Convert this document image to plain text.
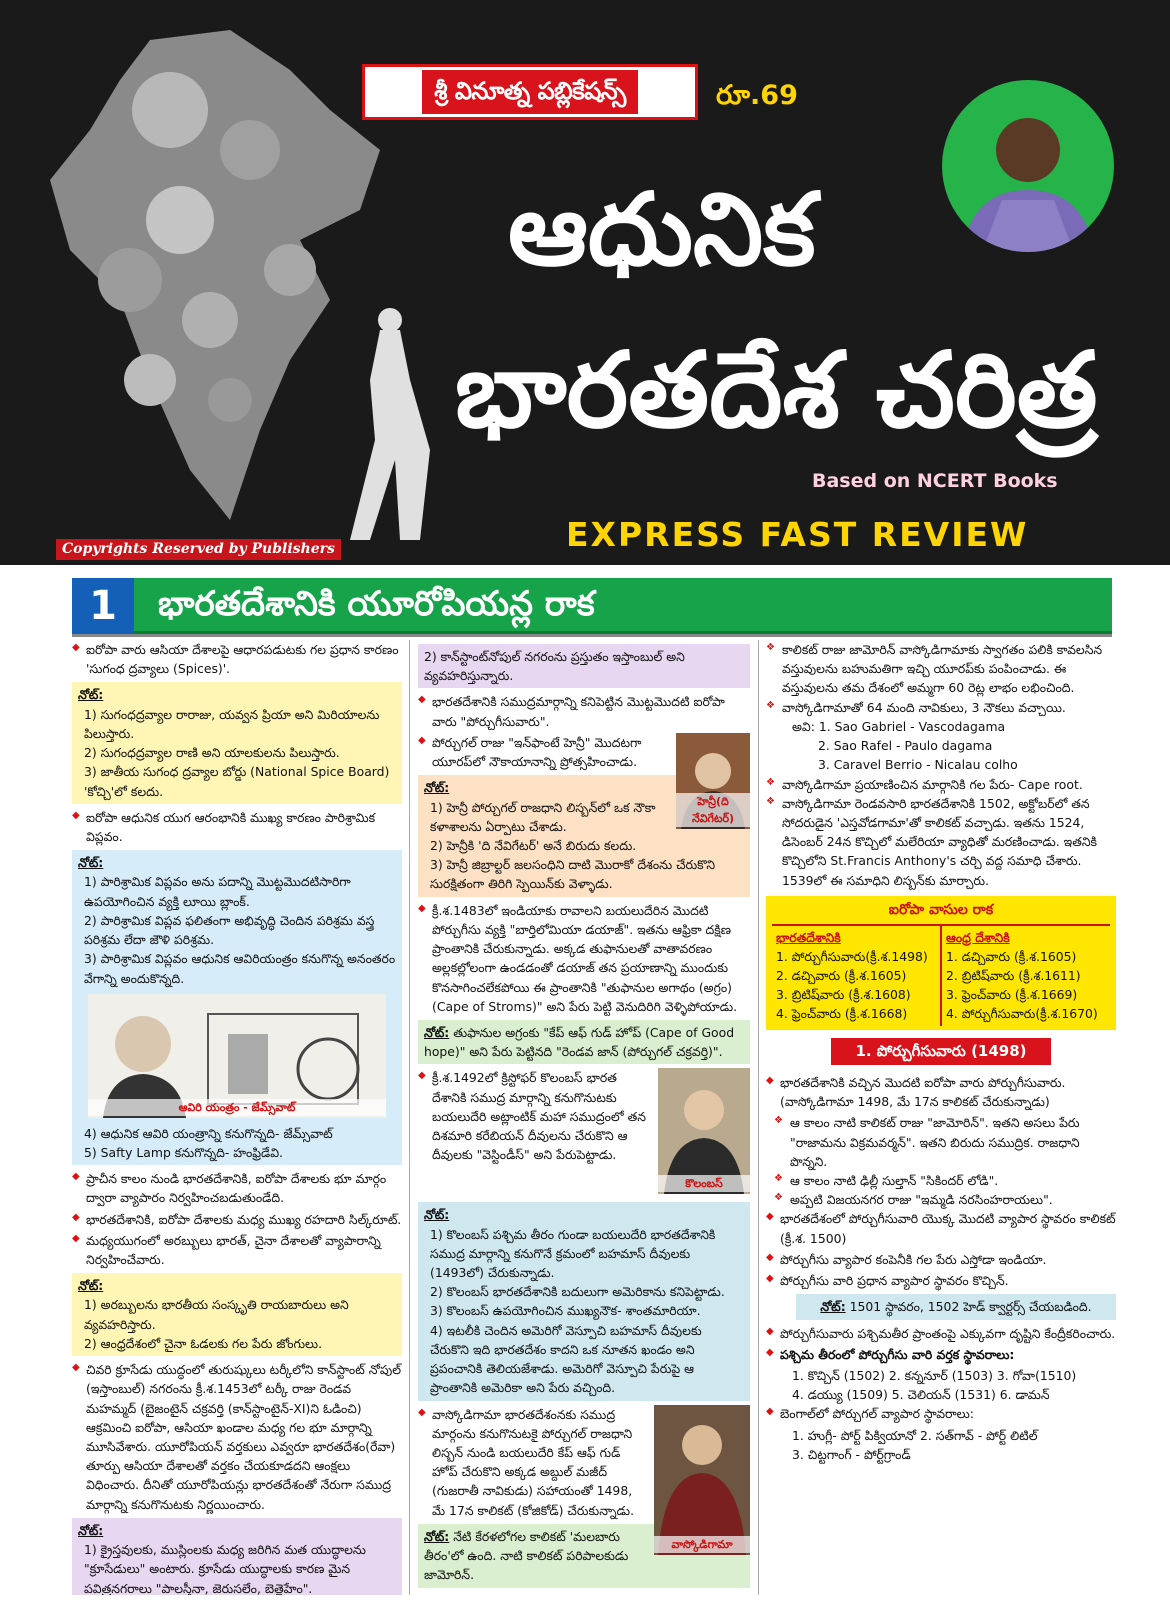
శ్రీ వినూత్న పబ్లికేషన్స్	రూ.69
ఆధునిక
భారతదేశ చరిత్ర
Based on NCERT Books
EXPRESS FAST REVIEW
Copyrights Reserved by Publishers
1	భారతదేశానికి యూరోపియన్ల రాక
◆ ఐరోపా వారు ఆసియా దేశాలపై ఆధారపడుటకు గల ప్రధాన కారణం 'సుగంధ ద్రవ్యాలు (Spices)'.
నోట్:
1) సుగంధద్రవ్యాల రారాజు, యవ్వన ప్రియా అని మిరియాలను పిలుస్తారు.
2) సుగంధద్రవ్యాల రాణి అని యాలకులను పిలుస్తారు.
3) జాతీయ సుగంధ ద్రవ్యాల బోర్డు (National Spice Board) 'కోచ్చి'లో కలదు.
◆ ఐరోపా ఆధునిక యుగ ఆరంభానికి ముఖ్య కారణం పారిశ్రామిక విప్లవం.
నోట్:
1) పారిశ్రామిక విప్లవం అను పదాన్ని మొట్టమొదటిసారిగా ఉపయోగించిన వ్యక్తి లూయి బ్లాంక్.
2) పారిశ్రామిక విప్లవ ఫలితంగా అభివృద్ధి చెందిన పరిశ్రమ వస్త్ర పరిశ్రమ లేదా జౌళి పరిశ్రమ.
3) పారిశ్రామిక విప్లవం ఆధునిక ఆవిరియంత్రం కనుగొన్న అనంతరం వేగాన్ని అందుకొన్నది.
ఆవిరి యంత్రం - జేమ్స్‌వాట్
4) ఆధునిక ఆవిరి యంత్రాన్ని కనుగొన్నది- జేమ్స్‌వాట్
5) Safty Lamp కనుగొన్నది- హంఫ్రిడేవి.
◆ ప్రాచీన కాలం నుండి భారతదేశానికి, ఐరోపా దేశాలకు భూ మార్గం ద్వారా వ్యాపారం నిర్వహించబడుతుండేది.
◆ భారతదేశానికి, ఐరోపా దేశాలకు మధ్య ముఖ్య రహదారి సిల్క్‌రూట్.
◆ మధ్యయుగంలో అరబ్బులు భారత్, చైనా దేశాలతో వ్యాపారాన్ని నిర్వహించేవారు.
నోట్:
1) అరబ్బులను భారతీయ సంస్కృతి రాయబారులు అని వ్యవహరిస్తారు.
2) ఆంధ్రదేశంలో చైనా ఓడలకు గల పేరు జోంగులు.
◆ చివరి క్రూసేడు యుద్ధంలో తురుష్కులు టర్కీలోని కాన్‌స్టాంట్ నోపుల్ (ఇస్తాంబుల్) నగరంను క్రీ.శ.1453లో టర్కీ రాజు రెండవ మహమ్మద్ (బైజంటైన్ చక్రవర్తి (కాన్‌స్టాంటైన్-XI)ని ఓడించి) ఆక్రమించి ఐరోపా, ఆసియా ఖండాల మధ్య గల భూ మార్గాన్ని మూసివేశారు. యూరోపియన్ వర్తకులు ఎవ్వరూ భారతదేశం(రేవా) తూర్పు ఆసియా దేశాలతో వర్తకం చేయకూడదని ఆంక్షలు విధించారు. దీనితో యూరోపియన్లు భారతదేశంతో నేరుగా సముద్ర మార్గాన్ని కనుగొనుటకు నిర్ణయించారు.
నోట్:
1) క్రైస్తవులకు, ముస్లింలకు మధ్య జరిగిన మత యుద్ధాలను "క్రూసేడులు" అంటారు. క్రూసేడు యుద్ధాలకు కారణ మైన పవిత్రనగరాలు "పాలస్తీనా, జెరుసలేం, బెత్లెహేం".
2) కాన్‌స్టాంట్‌నోపుల్ నగరంను ప్రస్తుతం ఇస్తాంబుల్ అని వ్యవహరిస్తున్నారు.
◆ భారతదేశానికి సముద్రమార్గాన్ని కనిపెట్టిన మొట్టమొదటి ఐరోపా వారు "పోర్చుగీసువారు".
హెన్రీ(ది నేవిగేటర్)
◆ పోర్చుగల్ రాజు "ఇన్‌ఫాంటే హెన్రీ" మొదటగా యూరప్‌లో నౌకాయానాన్ని ప్రోత్సహించాడు.
నోట్:
1) హెన్రీ పోర్చుగల్ రాజధాని లిస్బన్‌లో ఒక నౌకా కళాశాలను ఏర్పాటు చేశాడు.
2) హెన్రీకి 'ది నేవిగేటర్' అనే బిరుదు కలదు.
3) హెన్రీ జిబ్రాల్టర్ జలసంధిని దాటి మొరాకో దేశంను చేరుకొని సురక్షితంగా తిరిగి స్పెయిన్‌కు వెళ్ళాడు.
◆ క్రీ.శ.1483లో ఇండియాకు రావాలని బయలుదేరిన మొదటి పోర్చుగీసు వ్యక్తి "బార్తిలోమియా డయాజ్". ఇతను ఆఫ్రికా దక్షిణ ప్రాంతానికి చేరుకున్నాడు. అక్కడ తుఫానులతో వాతావరణం అల్లకల్లోలంగా ఉండడంతో డయాజ్ తన ప్రయాణాన్ని ముందుకు కొనసాగించలేకపోయి ఈ ప్రాంతానికి "తుఫానుల అగాథం (అగ్రం) (Cape of Stroms)" అని పేరు పెట్టి వెనుదిరిగి వెళ్ళిపోయాడు.
నోట్: తుఫానుల అగ్రంకు "కేప్ ఆఫ్ గుడ్ హోప్ (Cape of Good hope)" అని పేరు పెట్టినది "రెండవ జాన్ (పోర్చుగల్ చక్రవర్తి)".
కొలంబస్
◆ క్రీ.శ.1492లో క్రిస్టోఫర్ కొలంబస్ భారత దేశానికి సముద్ర మార్గాన్ని కనుగొనుటకు బయలుదేరి అట్లాంటిక్ మహా సముద్రంలో తన దిశమారి కరేబియన్ దీవులను చేరుకొని ఆ దీవులకు "వెస్టిండీస్" అని పేరుపెట్టాడు.
నోట్:
1) కొలంబస్ పశ్చిమ తీరం గుండా బయలుదేరి భారతదేశానికి సముద్ర మార్గాన్ని కనుగొనే క్రమంలో బహమాస్ దీవులకు (1493లో) చేరుకున్నాడు.
2) కొలంబస్ భారతదేశానికి బదులుగా అమెరికాను కనిపెట్టాడు.
3) కొలంబస్ ఉపయోగించిన ముఖ్యనౌక- శాంతమారియా.
4) ఇటలీకి చెందిన అమెరిగో వెస్పూచి బహమాస్ దీవులకు చేరుకొని ఇది భారతదేశం కాదని ఒక నూతన ఖండం అని ప్రపంచానికి తెలియజేశాడు. అమెరిగో వెస్పూచి పేరుపై ఆ ప్రాంతానికి అమెరికా అని పేరు వచ్చింది.
వాస్కోడిగామా
◆ వాస్కోడిగామా భారతదేశంనకు సముద్ర మార్గంను కనుగొనుటకై పోర్చుగల్ రాజధాని లిస్బన్ నుండి బయలుదేరి కేప్ ఆఫ్ గుడ్ హోప్ చేరుకొని అక్కడ అబ్దుల్ మజీద్ (గుజరాతీ నావికుడు) సహాయంతో 1498, మే 17న కాలికట్ (కోజికోడ్) చేరుకున్నాడు.
నోట్: నేటి కేరళలోగల కాలికట్ 'మలబారు తీరం'లో ఉంది. నాటి కాలికట్ పరిపాలకుడు జామోరిన్.
❖ కాలికట్ రాజు జామోరిన్ వాస్కోడిగామాకు స్వాగతం పలికి కావలసిన వస్తువులను బహుమతిగా ఇచ్చి యూరప్‌కు పంపించాడు. ఈ వస్తువులను తమ దేశంలో అమ్మగా 60 రెట్ల లాభం లభించింది.
❖ వాస్కోడిగామాతో 64 మంది నావికులు, 3 నౌకలు వచ్చాయి.
అవి: 1. Sao Gabriel - Vascodagama
2. Sao Rafel - Paulo dagama
3. Caravel Berrio - Nicalau colho
❖ వాస్కోడిగామా ప్రయాణించిన మార్గానికి గల పేరు- Cape root.
❖ వాస్కోడిగామా రెండవసారి భారతదేశానికి 1502, అక్టోబర్‌లో తన సోదరుడైన 'ఎస్తవోడగామా'తో కాలికట్ వచ్చాడు. ఇతను 1524, డిసెంబర్ 24న కొచ్చిలో మలేరియా వ్యాధితో మరణించాడు. ఇతనికి కొచ్చిలోని St.Francis Anthony's చర్చి వద్ద సమాధి చేశారు. 1539లో ఈ సమాధిని లిస్బన్‌కు మార్చారు.
ఐరోపా వాసుల రాక
భారతదేశానికి
1. పోర్చుగీసువారు(క్రీ.శ.1498)
2. డచ్చివారు (క్రీ.శ.1605)
3. బ్రిటిష్‌వారు (క్రీ.శ.1608)
4. ఫ్రెంచ్‌వారు (క్రీ.శ.1668)
ఆంధ్ర దేశానికి
1. డచ్చివారు (క్రీ.శ.1605)
2. బ్రిటిష్‌వారు (క్రీ.శ.1611)
3. ఫ్రెంచ్‌వారు (క్రీ.శ.1669)
4. పోర్చుగీసువారు(క్రీ.శ.1670)
1. పోర్చుగీసువారు (1498)
◆ భారతదేశానికి వచ్చిన మొదటి ఐరోపా వారు పోర్చుగీసువారు. (వాస్కోడిగామా 1498, మే 17న కాలికట్ చేరుకున్నాడు)
❖ ఆ కాలం నాటి కాలికట్ రాజు "జామోరిన్". ఇతని అసలు పేరు "రాజామను విక్రమవర్మన్". ఇతని బిరుదు సముద్రిక. రాజధాని పొన్నని.
❖ ఆ కాలం నాటి ఢిల్లీ సుల్తాన్ "సికిందర్ లోడి".
❖ అప్పటి విజయనగర రాజు "ఇమ్మడి నరసింహరాయలు".
◆ భారతదేశంలో పోర్చుగీసువారి యొక్క మొదటి వ్యాపార స్థావరం కాలికట్ (క్రీ.శ. 1500)
◆ పోర్చుగీసు వ్యాపార కంపెనీకి గల పేరు ఎస్తోడా ఇండియా.
◆ పోర్చుగీసు వారి ప్రధాన వ్యాపార స్థావరం కొచ్చిన్.
నోట్: 1501 స్థావరం, 1502 హెడ్ క్వార్టర్స్ చేయబడింది.
◆ పోర్చుగీసువారు పశ్చిమతీర ప్రాంతంపై ఎక్కువగా దృష్టిని కేంద్రీకరించారు.
◆ పశ్చిమ తీరంలో పోర్చుగీసు వారి వర్తక స్థావరాలు:
1. కొచ్చిన్ (1502) 2. కన్ననూర్ (1503) 3. గోవా(1510)
4. డయ్యు (1509) 5. చెలియన్ (1531) 6. డామన్
◆ బెంగాల్‌లో పోర్చుగల్ వ్యాపార స్థావరాలు:
1. హుగ్లీ- పోర్ట్ పిక్వియానో 2. సత్‌గావ్ - పోర్ట్ లిటిల్
3. చిట్టగాంగ్ - పోర్ట్‌గ్రాండ్
